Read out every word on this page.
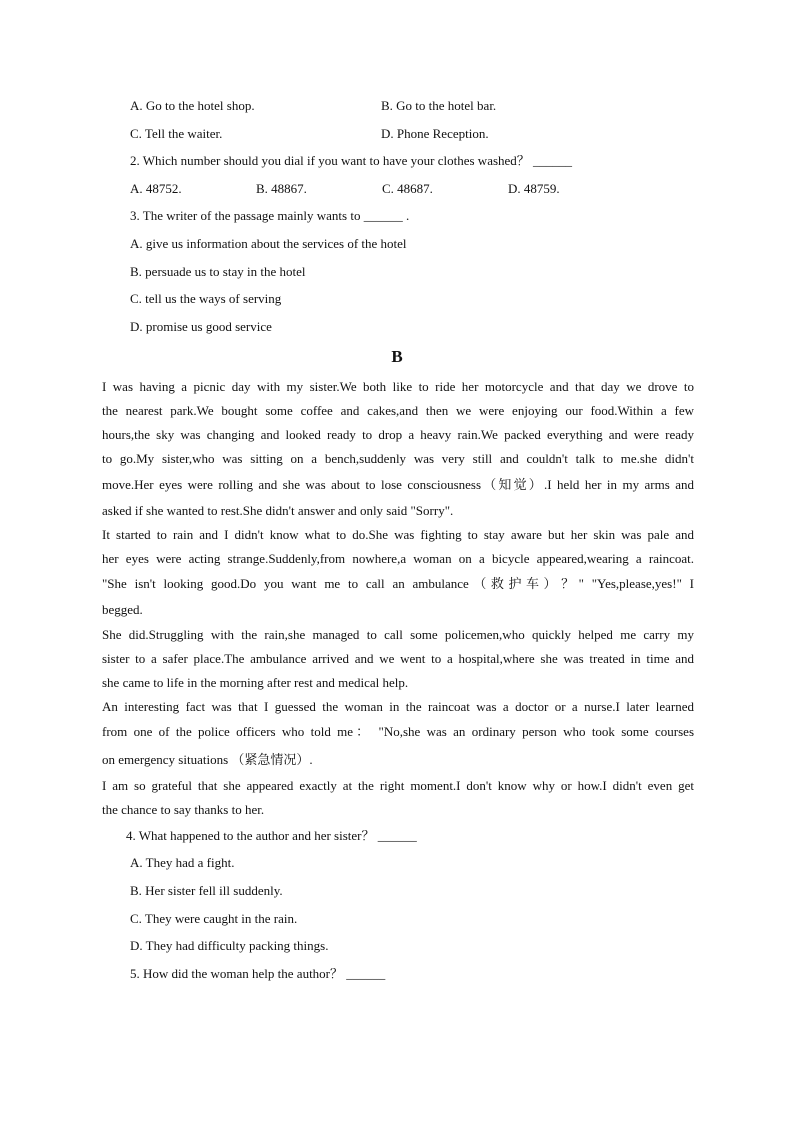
A. Go to the hotel shop.	B. Go to the hotel bar.
C. Tell the waiter.	D. Phone Reception.
2. Which number should you dial if you want to have your clothes washed？ ______
A. 48752.	B. 48867.	C. 48687.	D. 48759.
3. The writer of the passage mainly wants to ______ .
A. give us information about the services of the hotel
B. persuade us to stay in the hotel
C. tell us the ways of serving
D. promise us good service
B
I was having a picnic day with my sister.We both like to ride her motorcycle and that day we drove to
the nearest park.We bought some coffee and cakes,and then we were enjoying our food.Within a few
hours,the sky was changing and looked ready to drop a heavy rain.We packed everything and were ready
to go.My sister,who was sitting on a bench,suddenly was very still and couldn't talk to me.she didn't
move.Her eyes were rolling and she was about to lose consciousness（知觉）.I held her in my arms and
asked if she wanted to rest.She didn't answer and only said "Sorry".
It started to rain and I didn't know what to do.She was fighting to stay aware but her skin was pale and
her eyes were acting strange.Suddenly,from nowhere,a woman on a bicycle appeared,wearing a raincoat.
"She isn't looking good.Do you want me to call an ambulance（救护车）？" "Yes,please,yes!" I
begged.
She did.Struggling with the rain,she managed to call some policemen,who quickly helped me carry my
sister to a safer place.The ambulance arrived and we went to a hospital,where she was treated in time and
she came to life in the morning after rest and medical help.
An interesting fact was that I guessed the woman in the raincoat was a doctor or a nurse.I later learned
from one of the police officers who told me： "No,she was an ordinary person who took some courses
on emergency situations （紧急情况）.
I am so grateful that she appeared exactly at the right moment.I don't know why or how.I didn't even get
the chance to say thanks to her.
4. What happened to the author and her sister？ ______
A. They had a fight.
B. Her sister fell ill suddenly.
C. They were caught in the rain.
D. They had difficulty packing things.
5. How did the woman help the author？ ______
